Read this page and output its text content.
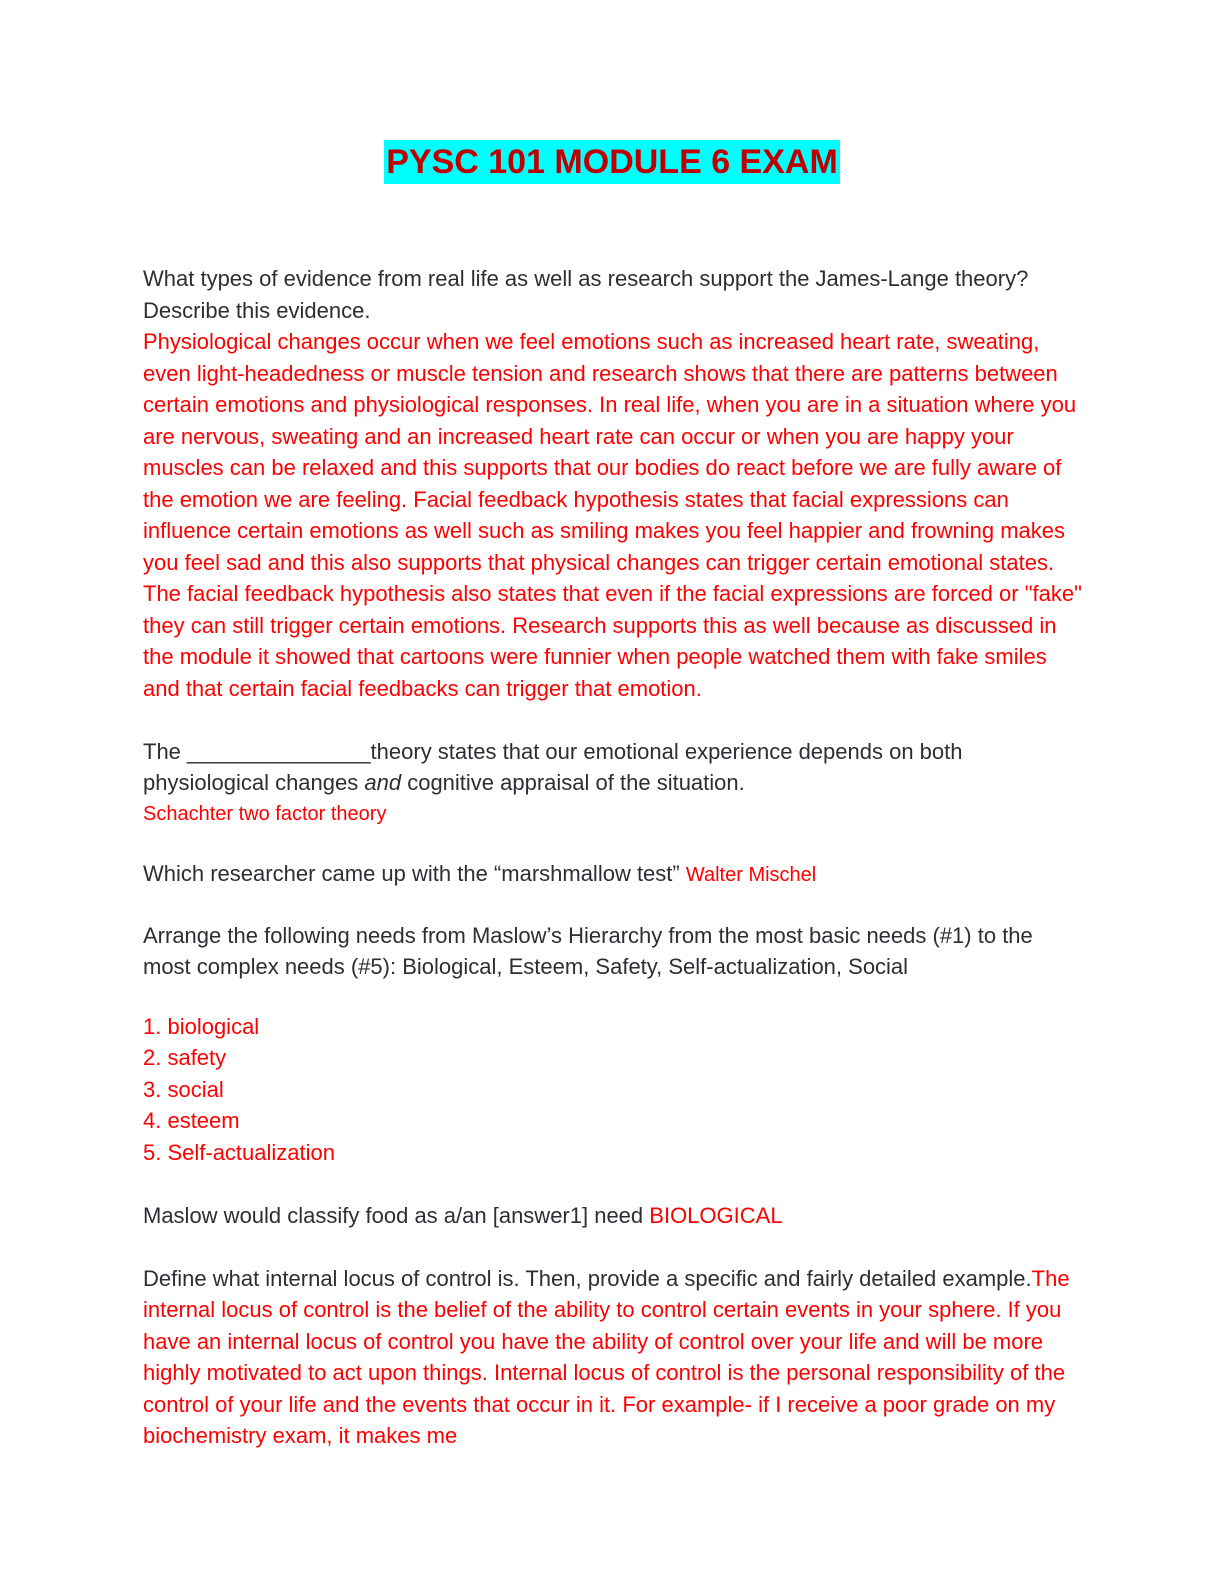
PYSC 101 MODULE 6 EXAM

What types of evidence from real life as well as research support the James-Lange theory? Describe this evidence.

Physiological changes occur when we feel emotions such as increased heart rate, sweating, even light-headedness or muscle tension and research shows that there are patterns between certain emotions and physiological responses. In real life, when you are in a situation where you are nervous, sweating and an increased heart rate can occur or when you are happy your muscles can be relaxed and this supports that our bodies do react before we are fully aware of the emotion we are feeling. Facial feedback hypothesis states that facial expressions can influence certain emotions as well such as smiling makes you feel happier and frowning makes you feel sad and this also supports that physical changes can trigger certain emotional states. The facial feedback hypothesis also states that even if the facial expressions are forced or "fake" they can still trigger certain emotions. Research supports this as well because as discussed in the module it showed that cartoons were funnier when people watched them with fake smiles and that certain facial feedbacks can trigger that emotion.

The _______________theory states that our emotional experience depends on both physiological changes and cognitive appraisal of the situation.

Schachter two factor theory

Which researcher came up with the “marshmallow test” Walter Mischel

Arrange the following needs from Maslow’s Hierarchy from the most basic needs (#1) to the most complex needs (#5): Biological, Esteem, Safety, Self-actualization, Social

1. biological

2. safety

3. social

4. esteem

5. Self-actualization

Maslow would classify food as a/an [answer1] need BIOLOGICAL

Define what internal locus of control is. Then, provide a specific and fairly detailed example.The internal locus of control is the belief of the ability to control certain events in your sphere. If you have an internal locus of control you have the ability of control over your life and will be more highly motivated to act upon things. Internal locus of control is the personal responsibility of the control of your life and the events that occur in it. For example- if I receive a poor grade on my biochemistry exam, it makes me
